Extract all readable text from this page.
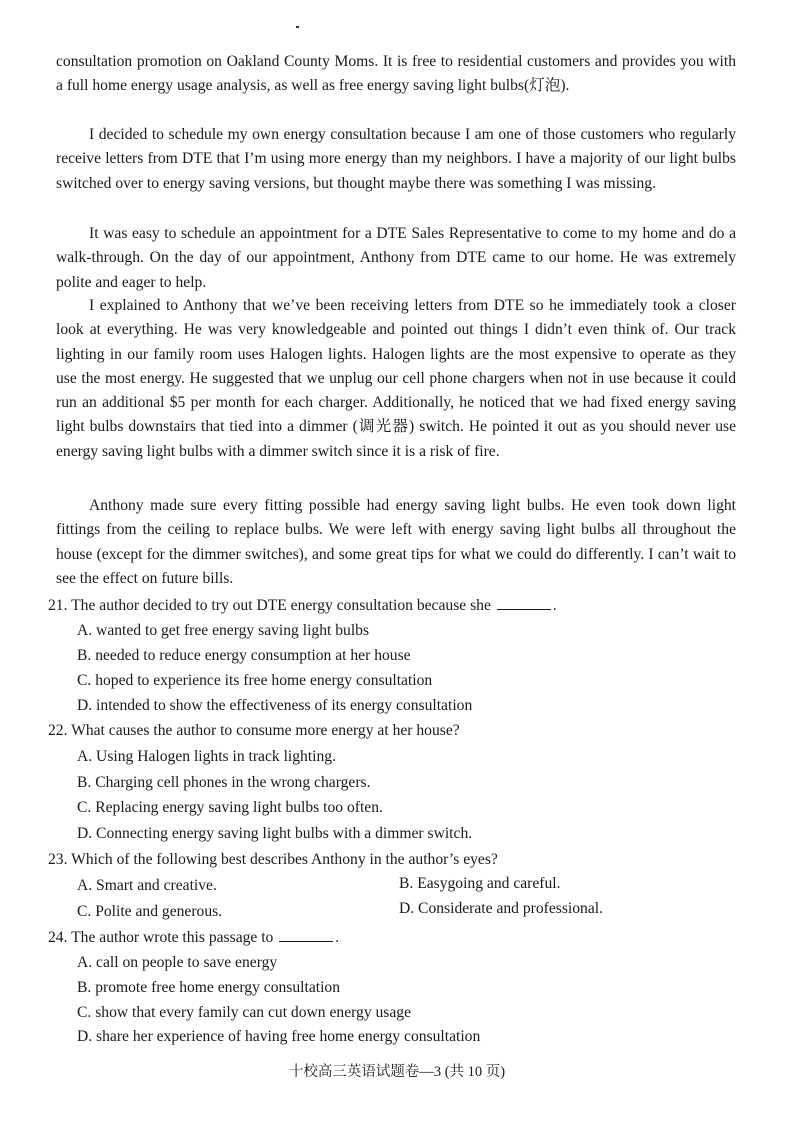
consultation promotion on Oakland County Moms. It is free to residential customers and provides you with a full home energy usage analysis, as well as free energy saving light bulbs(灯泡).
I decided to schedule my own energy consultation because I am one of those customers who regularly receive letters from DTE that I’m using more energy than my neighbors. I have a majority of our light bulbs switched over to energy saving versions, but thought maybe there was something I was missing.
It was easy to schedule an appointment for a DTE Sales Representative to come to my home and do a walk-through. On the day of our appointment, Anthony from DTE came to our home. He was extremely polite and eager to help.
I explained to Anthony that we’ve been receiving letters from DTE so he immediately took a closer look at everything. He was very knowledgeable and pointed out things I didn’t even think of. Our track lighting in our family room uses Halogen lights. Halogen lights are the most expensive to operate as they use the most energy. He suggested that we unplug our cell phone chargers when not in use because it could run an additional $5 per month for each charger. Additionally, he noticed that we had fixed energy saving light bulbs downstairs that tied into a dimmer (调光器) switch. He pointed it out as you should never use energy saving light bulbs with a dimmer switch since it is a risk of fire.
Anthony made sure every fitting possible had energy saving light bulbs. He even took down light fittings from the ceiling to replace bulbs. We were left with energy saving light bulbs all throughout the house (except for the dimmer switches), and some great tips for what we could do differently. I can’t wait to see the effect on future bills.
21. The author decided to try out DTE energy consultation because she	.
A. wanted to get free energy saving light bulbs
B. needed to reduce energy consumption at her house
C. hoped to experience its free home energy consultation
D. intended to show the effectiveness of its energy consultation
22. What causes the author to consume more energy at her house?
A. Using Halogen lights in track lighting.
B. Charging cell phones in the wrong chargers.
C. Replacing energy saving light bulbs too often.
D. Connecting energy saving light bulbs with a dimmer switch.
23. Which of the following best describes Anthony in the author’s eyes?
A. Smart and creative.	B. Easygoing and careful.
C. Polite and generous.	D. Considerate and professional.
24. The author wrote this passage to	.
A. call on people to save energy
B. promote free home energy consultation
C. show that every family can cut down energy usage
D. share her experience of having free home energy consultation
十校高三英语试题卷—3 (共 10 页)
